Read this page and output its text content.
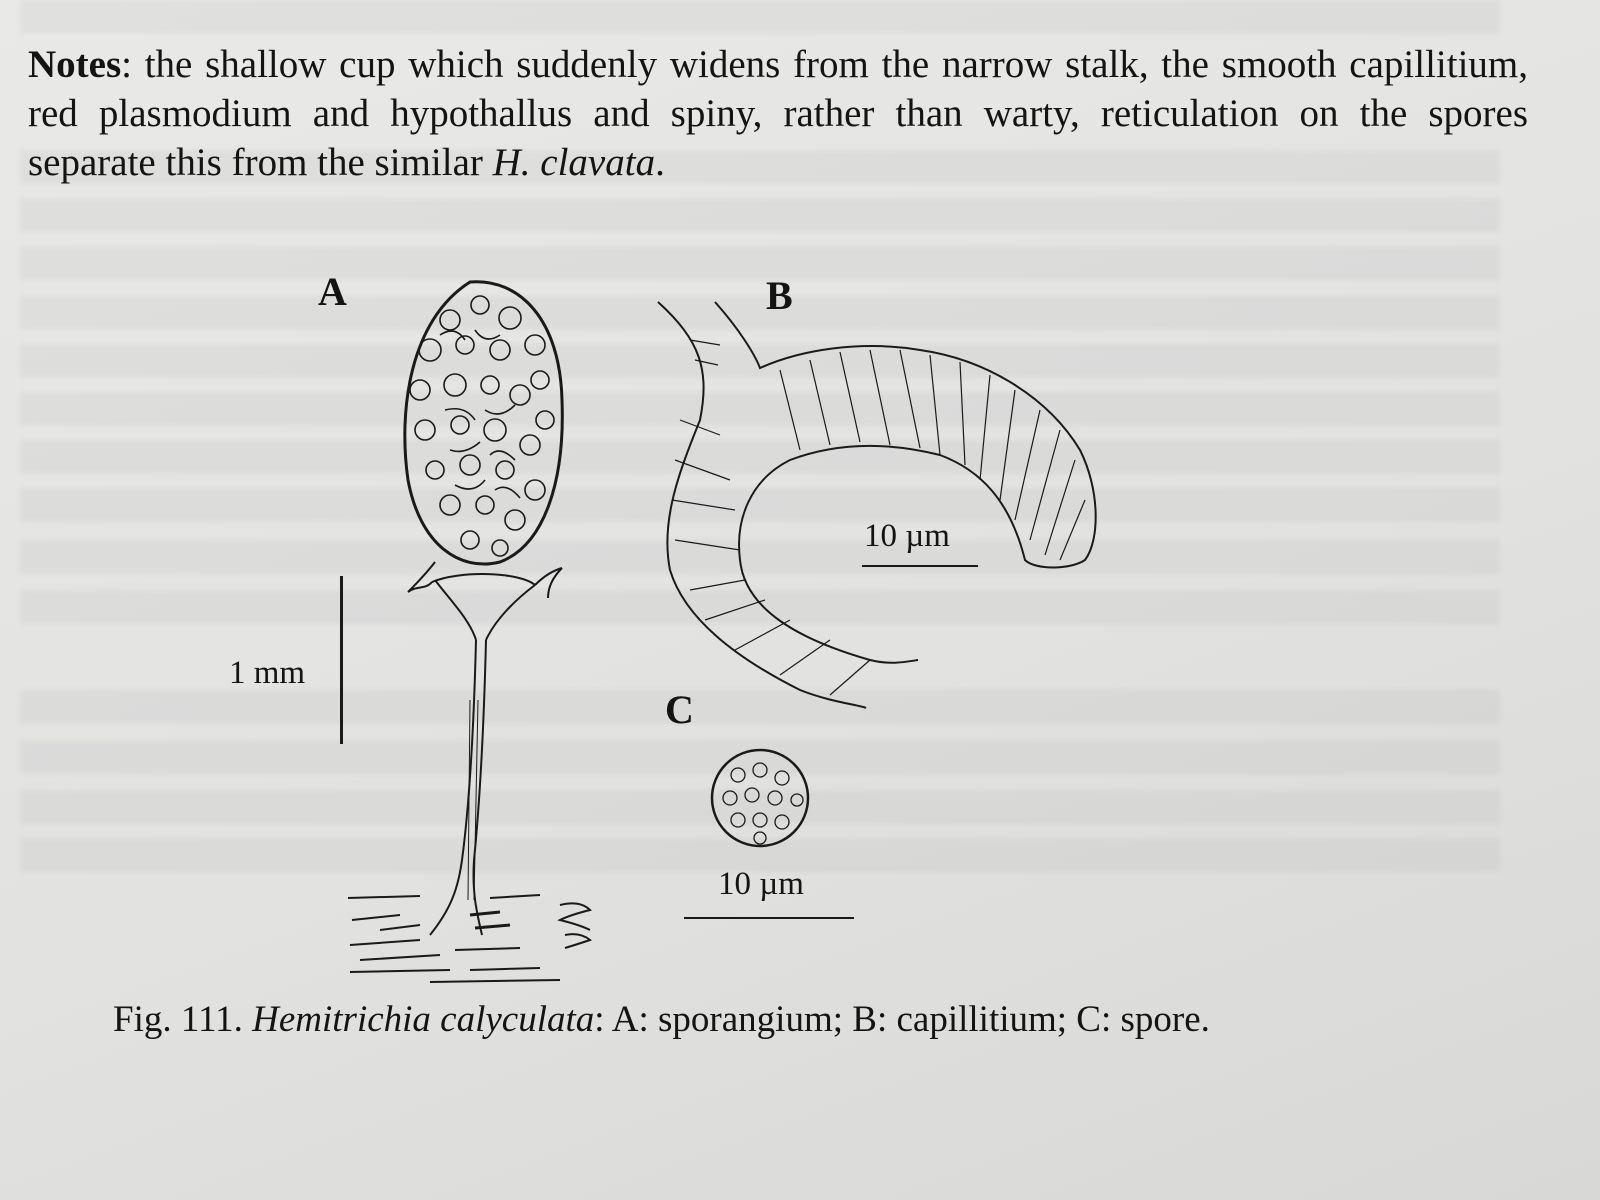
Notes: the shallow cup which suddenly widens from the narrow stalk, the smooth capillitium, red plasmodium and hypothallus and spiny, rather than warty, reticulation on the spores separate this from the similar H. clavata.

A	B
C
1 mm
10 µm
10 µm

Fig. 111. Hemitrichia calyculata: A: sporangium; B: capillitium; C: spore.
